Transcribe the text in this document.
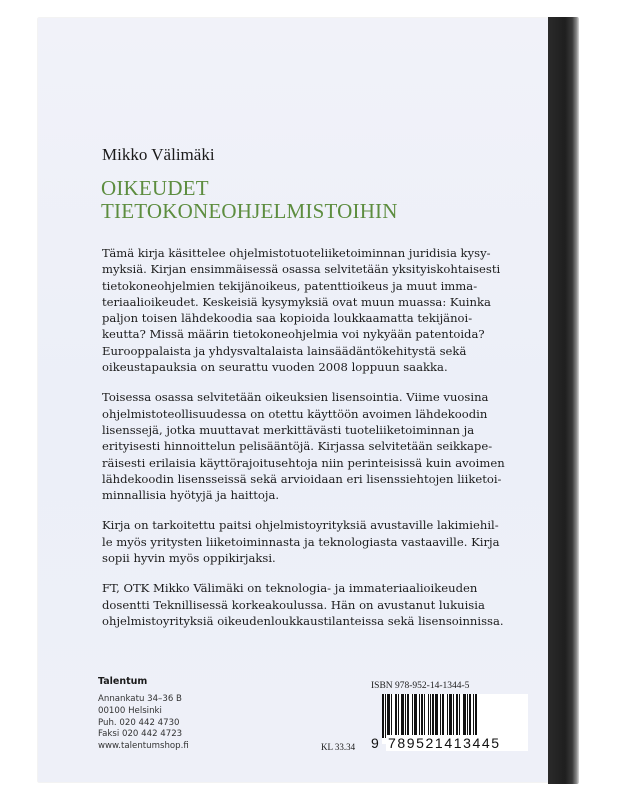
Mikko Välimäki
OIKEUDET
TIETOKONEOHJELMISTOIHIN

Tämä kirja käsittelee ohjelmistotuoteliiketoiminnan juridisia kysy-
myksiä. Kirjan ensimmäisessä osassa selvitetään yksityiskohtaisesti
tietokoneohjelmien tekijänoikeus, patenttioikeus ja muut imma-
teriaalioikeudet. Keskeisiä kysymyksiä ovat muun muassa: Kuinka
paljon toisen lähdekoodia saa kopioida loukkaamatta tekijänoi-
keutta? Missä määrin tietokoneohjelmia voi nykyään patentoida?
Eurooppalaista ja yhdysvaltalaista lainsäädäntökehitystä sekä
oikeustapauksia on seurattu vuoden 2008 loppuun saakka.

Toisessa osassa selvitetään oikeuksien lisensointia. Viime vuosina
ohjelmistoteollisuudessa on otettu käyttöön avoimen lähdekoodin
lisenssejä, jotka muuttavat merkittävästi tuoteliiketoiminnan ja
erityisesti hinnoittelun pelisääntöjä. Kirjassa selvitetään seikkape-
räisesti erilaisia käyttörajoitusehtoja niin perinteisissä kuin avoimen
lähdekoodin lisensseissä sekä arvioidaan eri lisenssiehtojen liiketoi-
minnallisia hyötyjä ja haittoja.

Kirja on tarkoitettu paitsi ohjelmistoyrityksiä avustaville lakimiehil-
le myös yritysten liiketoiminnasta ja teknologiasta vastaaville. Kirja
sopii hyvin myös oppikirjaksi.

FT, OTK Mikko Välimäki on teknologia- ja immateriaalioikeuden
dosentti Teknillisessä korkeakoulussa. Hän on avustanut lukuisia
ohjelmistoyrityksiä oikeudenloukkaustilanteissa sekä lisensoinnissa.

Talentum
Annankatu 34–36 B
00100 Helsinki
Puh. 020 442 4730
Faksi 020 442 4723
www.talentumshop.fi
ISBN 978-952-14-1344-5
KL 33.34 9 789521413445
